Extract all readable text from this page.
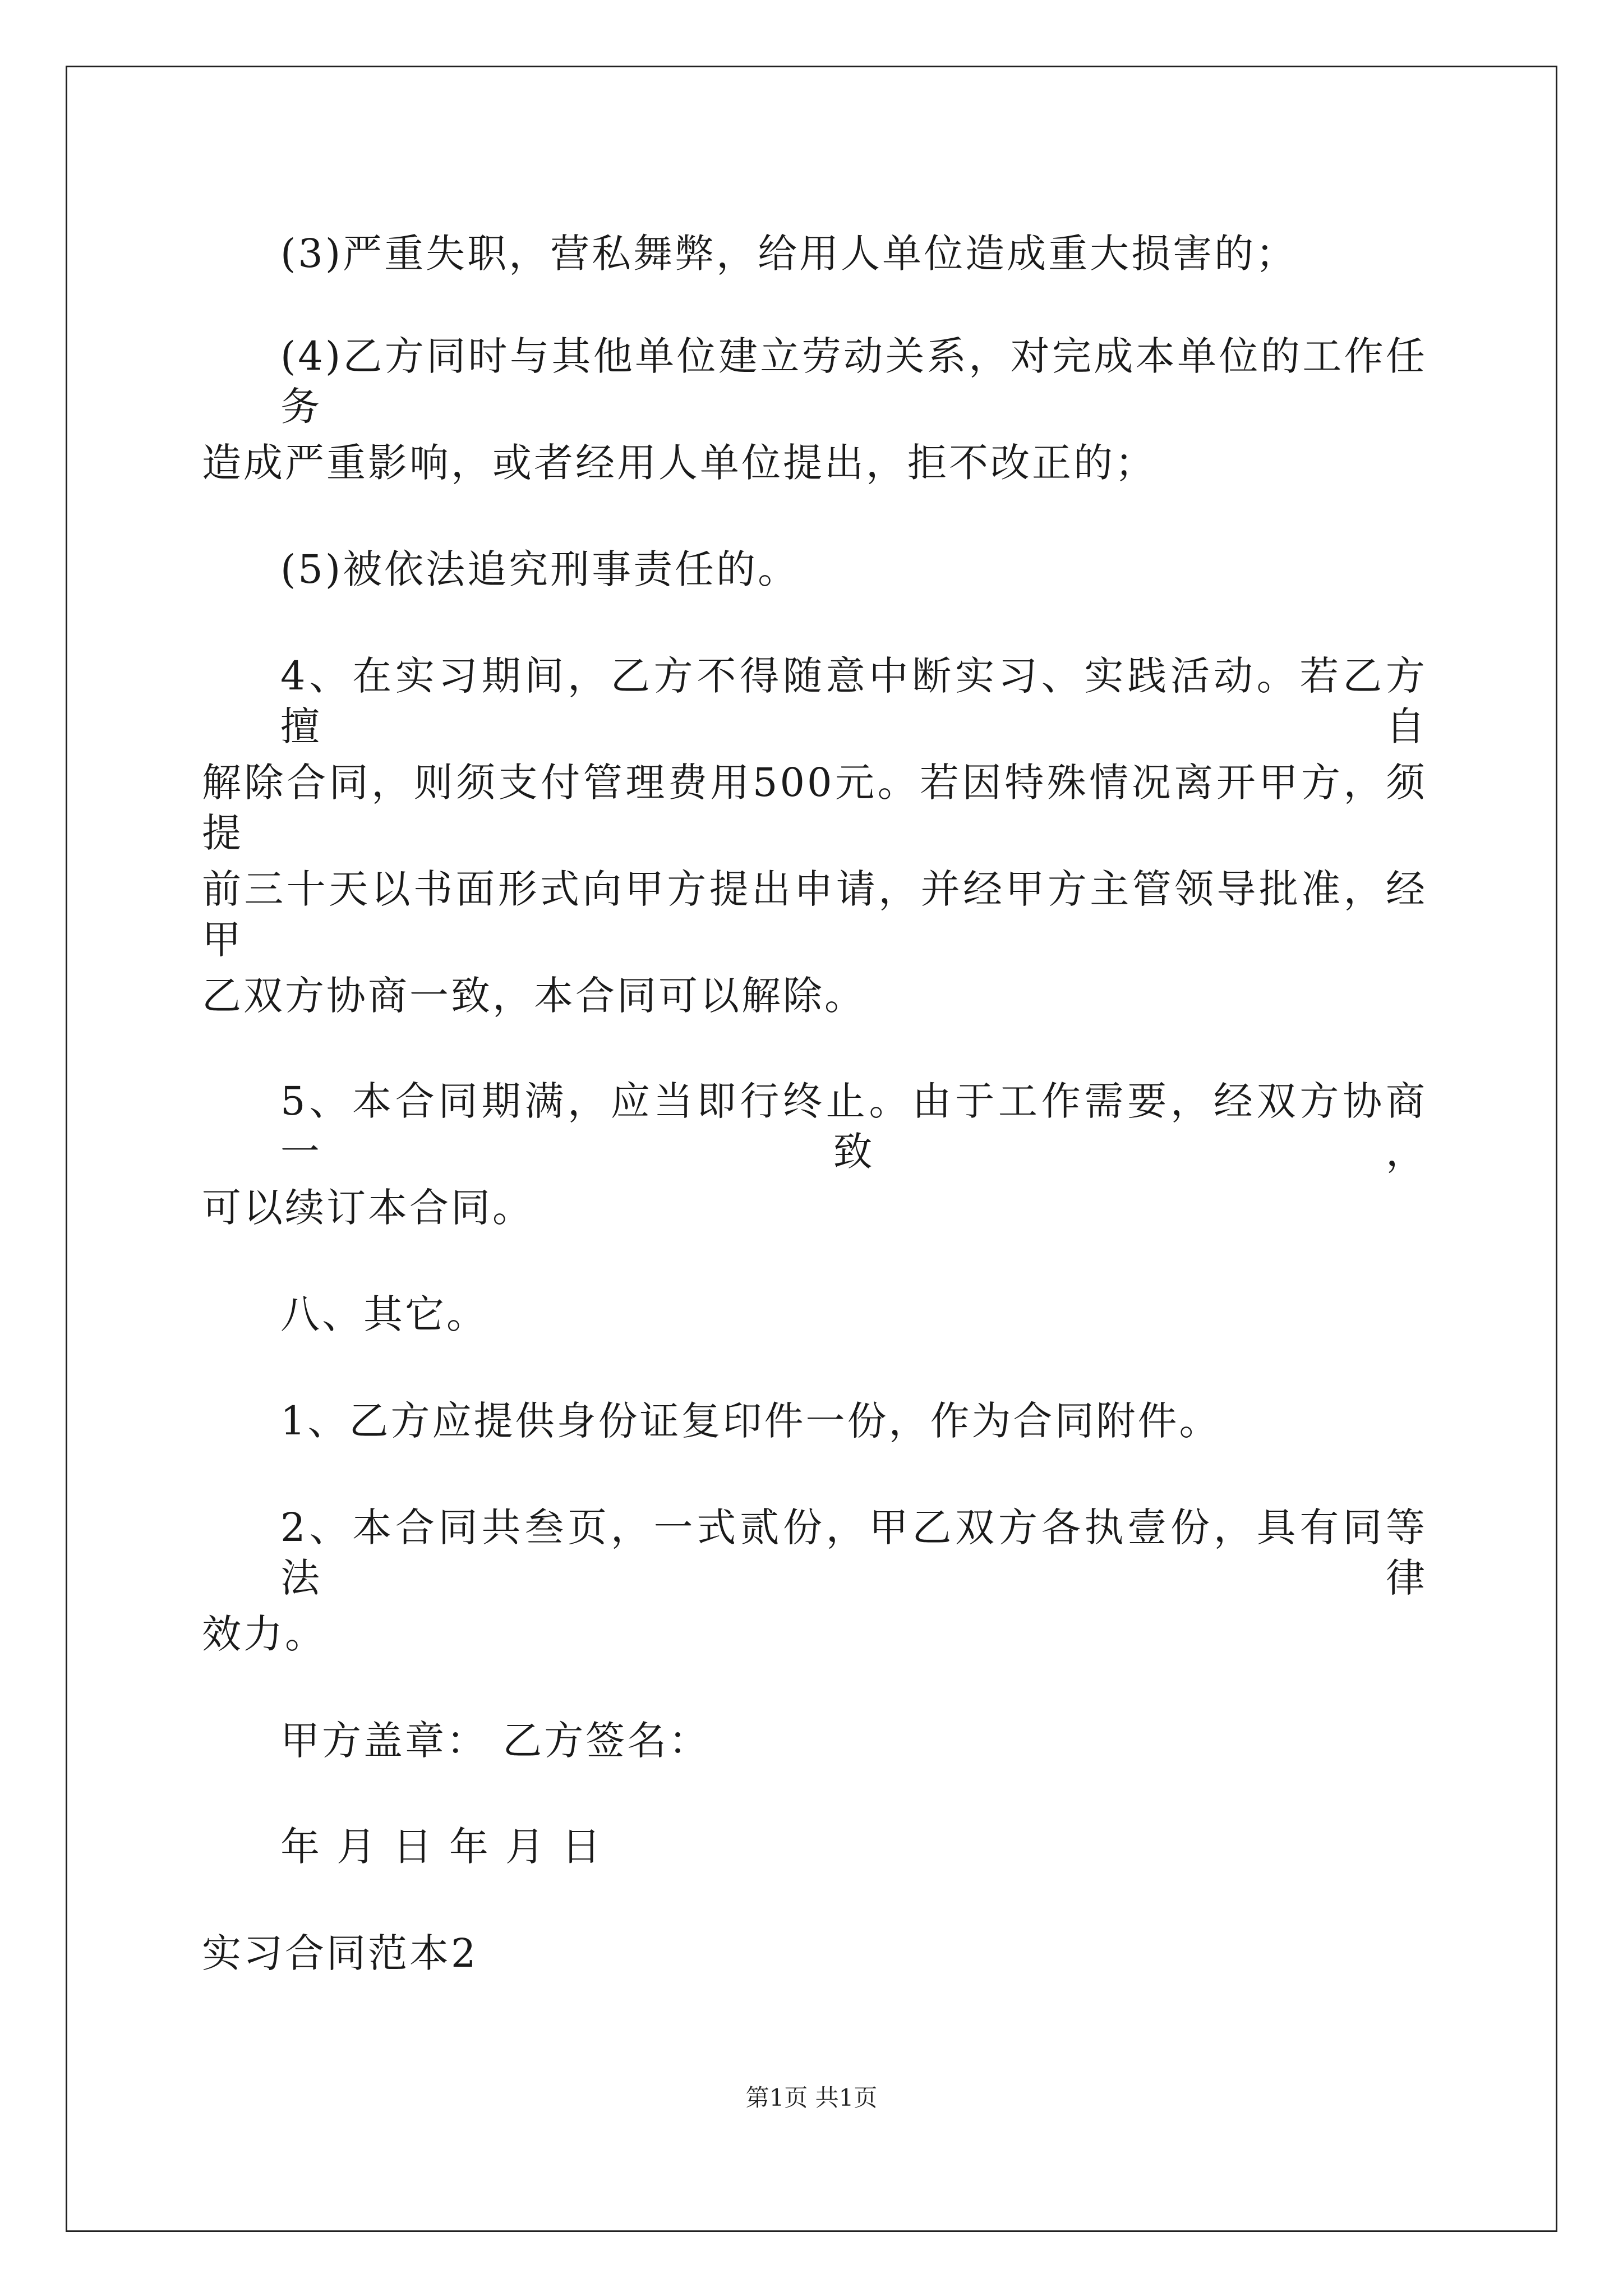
(3)严重失职，营私舞弊，给用人单位造成重大损害的；
(4)乙方同时与其他单位建立劳动关系，对完成本单位的工作任务
造成严重影响，或者经用人单位提出，拒不改正的；
(5)被依法追究刑事责任的。
4、在实习期间，乙方不得随意中断实习、实践活动。若乙方擅自
解除合同，则须支付管理费用500元。若因特殊情况离开甲方，须提
前三十天以书面形式向甲方提出申请，并经甲方主管领导批准，经甲
乙双方协商一致，本合同可以解除。
5、本合同期满，应当即行终止。由于工作需要，经双方协商一致，
可以续订本合同。
八、其它。
1、乙方应提供身份证复印件一份，作为合同附件。
2、本合同共叁页，一式贰份，甲乙双方各执壹份，具有同等法律
效力。
甲方盖章： 乙方签名：
年 月 日 年 月 日
实习合同范本2
第1页 共1页
